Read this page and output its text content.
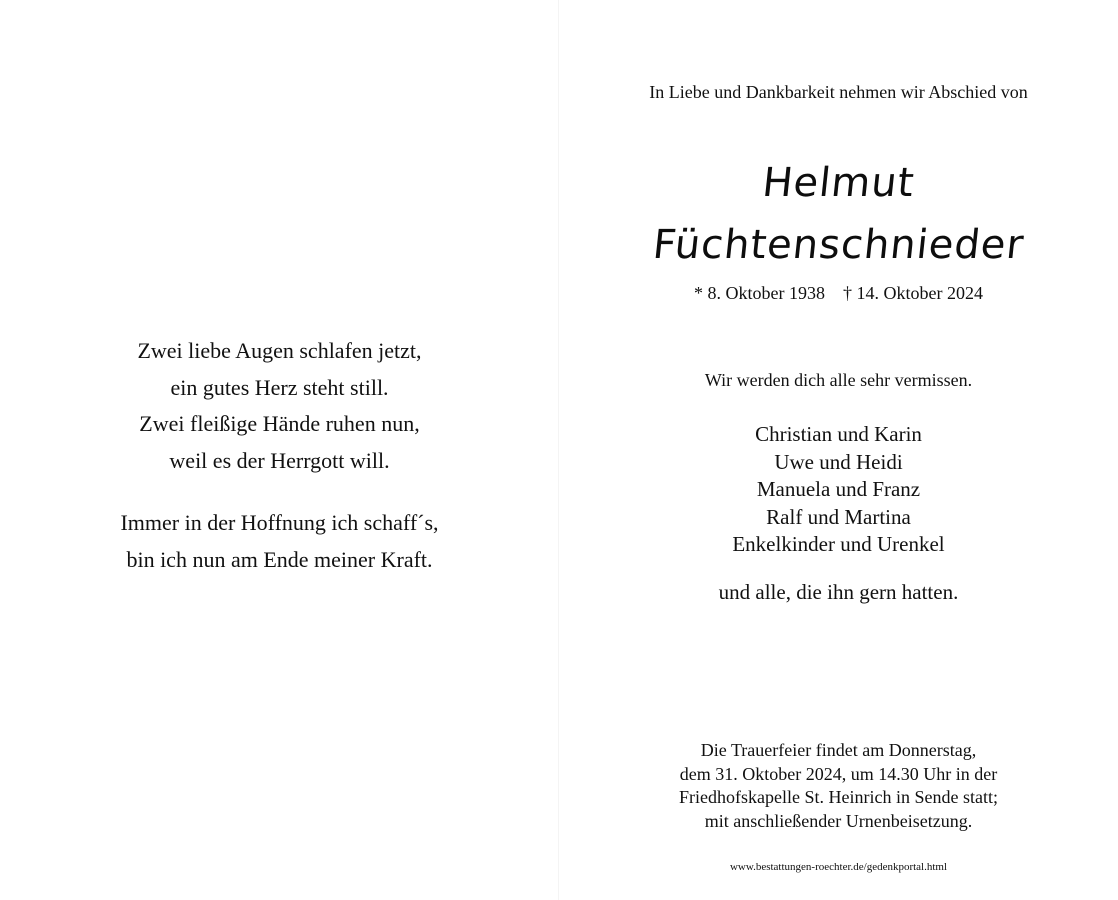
Zwei liebe Augen schlafen jetzt,
ein gutes Herz steht still.
Zwei fleißige Hände ruhen nun,
weil es der Herrgott will.
Immer in der Hoffnung ich schaff´s,
bin ich nun am Ende meiner Kraft.
In Liebe und Dankbarkeit nehmen wir Abschied von
Helmut
Füchtenschnieder
* 8. Oktober 1938 † 14. Oktober 2024
Wir werden dich alle sehr vermissen.
Christian und Karin
Uwe und Heidi
Manuela und Franz
Ralf und Martina
Enkelkinder und Urenkel
und alle, die ihn gern hatten.
Die Trauerfeier findet am Donnerstag,
dem 31. Oktober 2024, um 14.30 Uhr in der
Friedhofskapelle St. Heinrich in Sende statt;
mit anschließender Urnenbeisetzung.
www.bestattungen-roechter.de/gedenkportal.html
